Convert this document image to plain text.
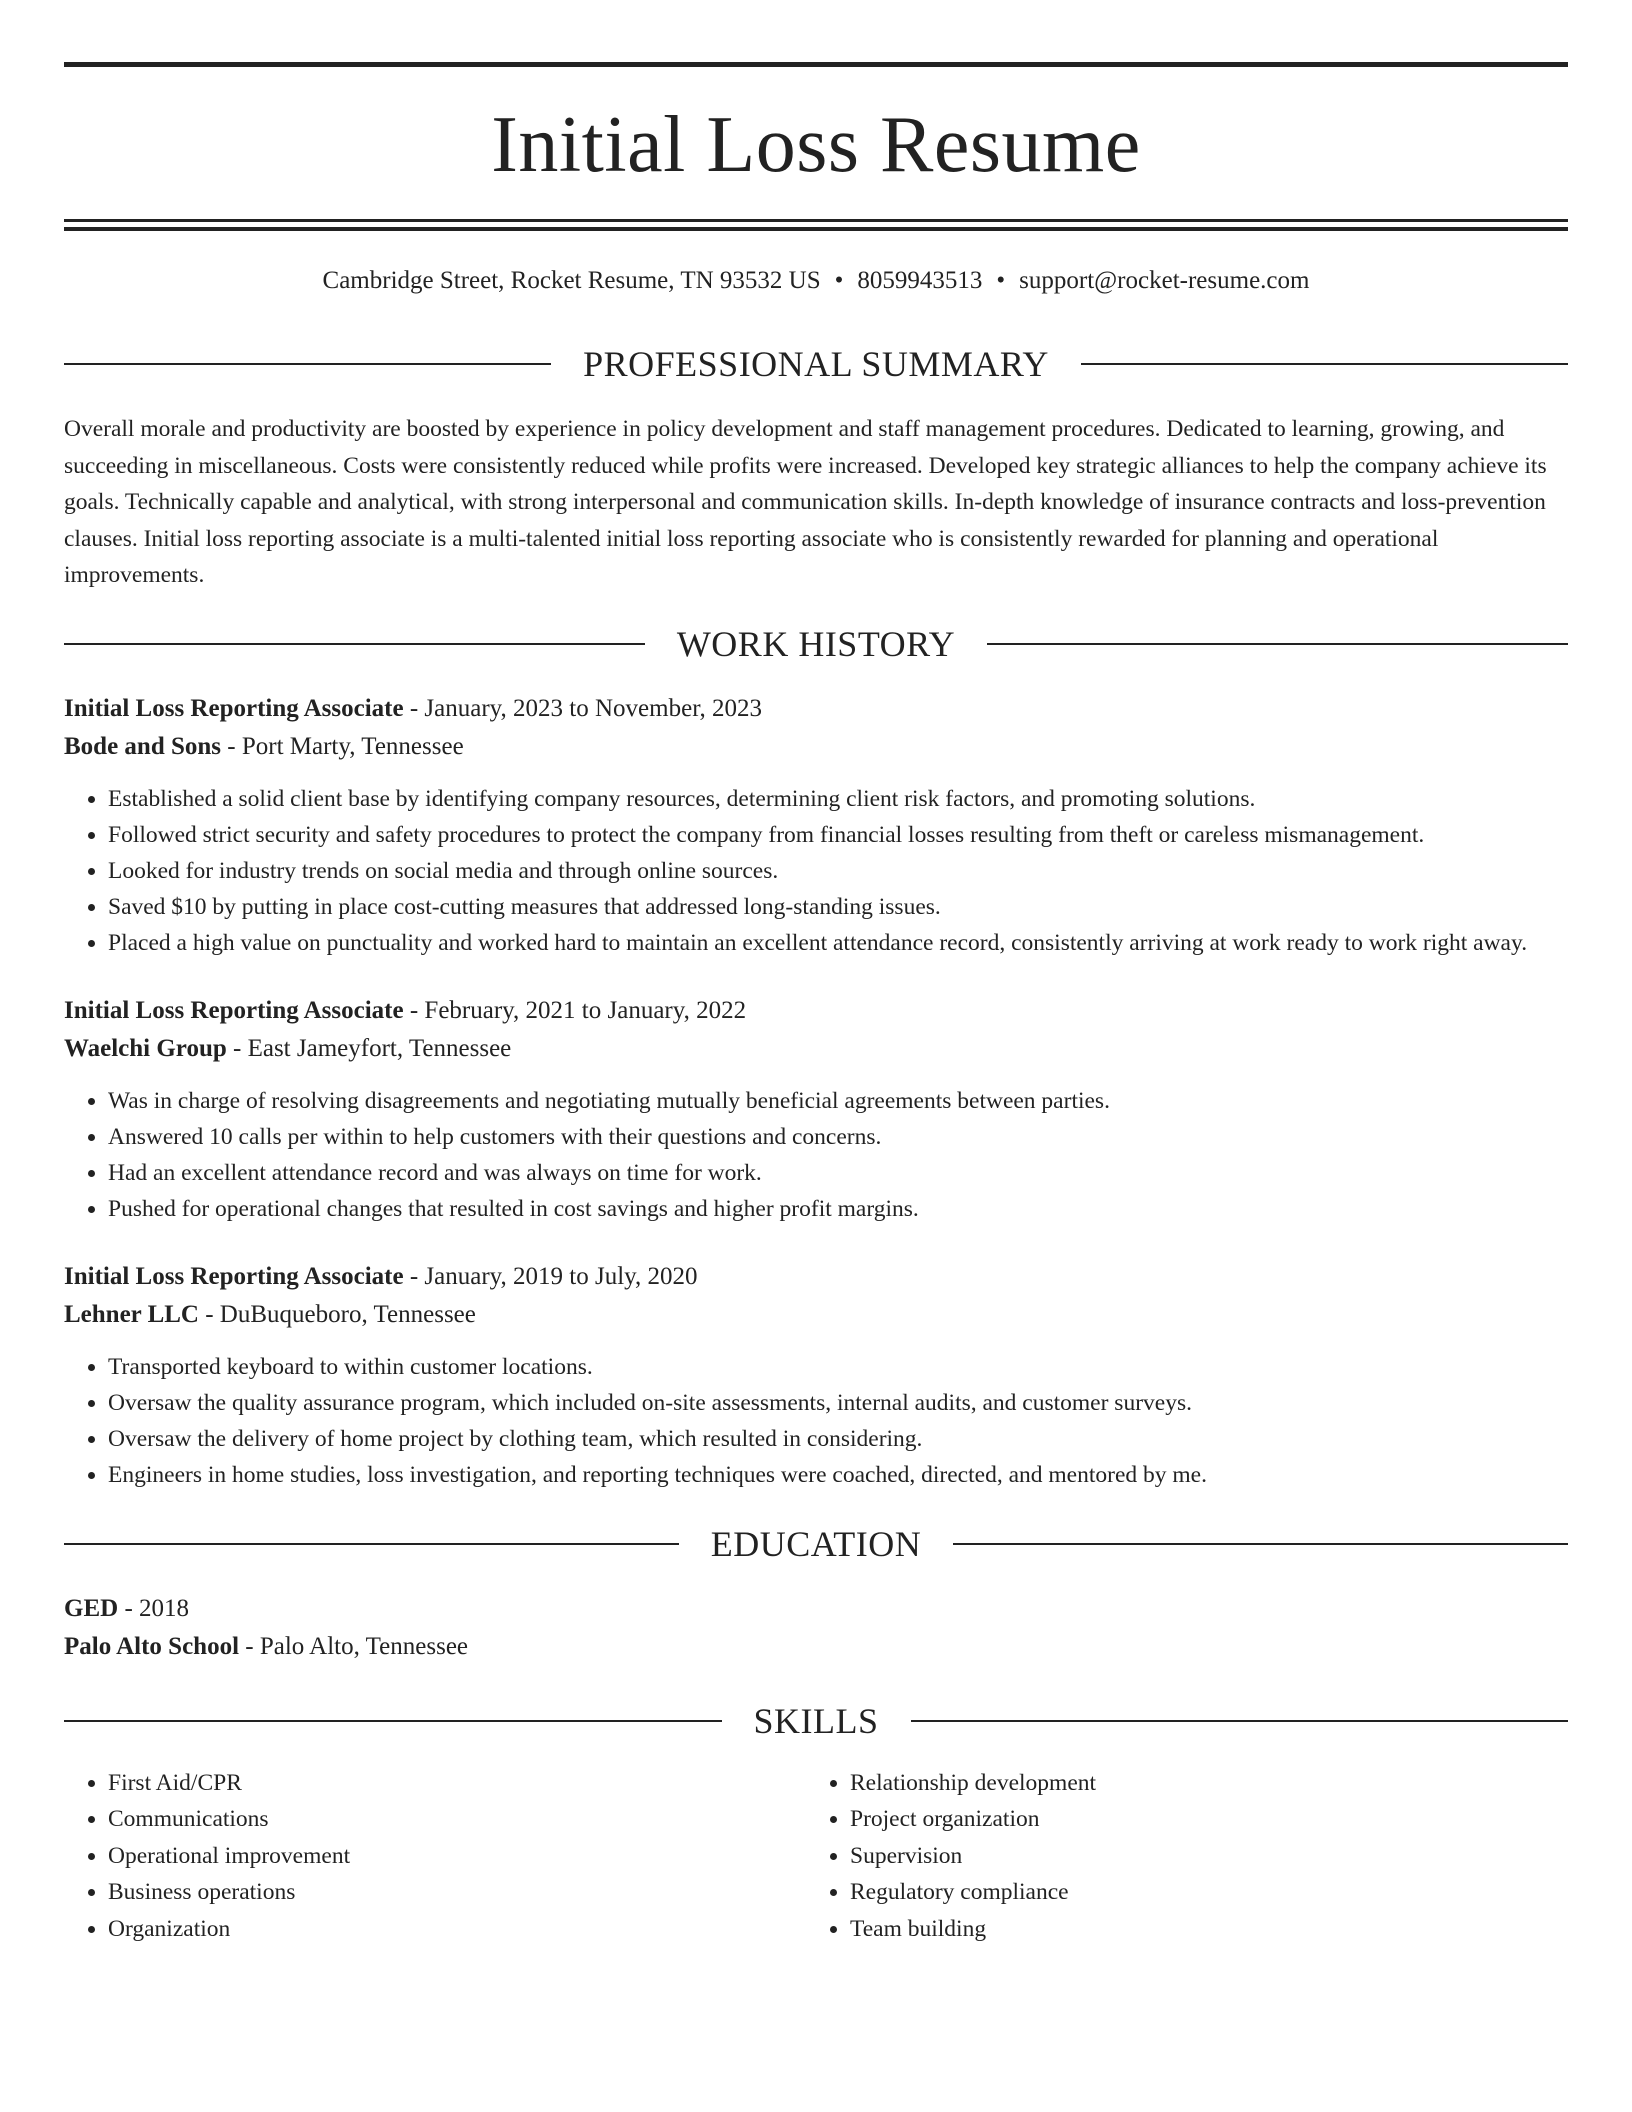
Initial Loss Resume
Cambridge Street, Rocket Resume, TN 93532 US • 8059943513 • support@rocket-resume.com
PROFESSIONAL SUMMARY
Overall morale and productivity are boosted by experience in policy development and staff management procedures. Dedicated to learning, growing, and succeeding in miscellaneous. Costs were consistently reduced while profits were increased. Developed key strategic alliances to help the company achieve its goals. Technically capable and analytical, with strong interpersonal and communication skills. In-depth knowledge of insurance contracts and loss-prevention clauses. Initial loss reporting associate is a multi-talented initial loss reporting associate who is consistently rewarded for planning and operational improvements.
WORK HISTORY
Initial Loss Reporting Associate - January, 2023 to November, 2023
Bode and Sons - Port Marty, Tennessee
• Established a solid client base by identifying company resources, determining client risk factors, and promoting solutions.
• Followed strict security and safety procedures to protect the company from financial losses resulting from theft or careless mismanagement.
• Looked for industry trends on social media and through online sources.
• Saved $10 by putting in place cost-cutting measures that addressed long-standing issues.
• Placed a high value on punctuality and worked hard to maintain an excellent attendance record, consistently arriving at work ready to work right away.
Initial Loss Reporting Associate - February, 2021 to January, 2022
Waelchi Group - East Jameyfort, Tennessee
• Was in charge of resolving disagreements and negotiating mutually beneficial agreements between parties.
• Answered 10 calls per within to help customers with their questions and concerns.
• Had an excellent attendance record and was always on time for work.
• Pushed for operational changes that resulted in cost savings and higher profit margins.
Initial Loss Reporting Associate - January, 2019 to July, 2020
Lehner LLC - DuBuqueboro, Tennessee
• Transported keyboard to within customer locations.
• Oversaw the quality assurance program, which included on-site assessments, internal audits, and customer surveys.
• Oversaw the delivery of home project by clothing team, which resulted in considering.
• Engineers in home studies, loss investigation, and reporting techniques were coached, directed, and mentored by me.
EDUCATION
GED - 2018
Palo Alto School - Palo Alto, Tennessee
SKILLS
• First Aid/CPR
• Communications
• Operational improvement
• Business operations
• Organization
• Relationship development
• Project organization
• Supervision
• Regulatory compliance
• Team building
